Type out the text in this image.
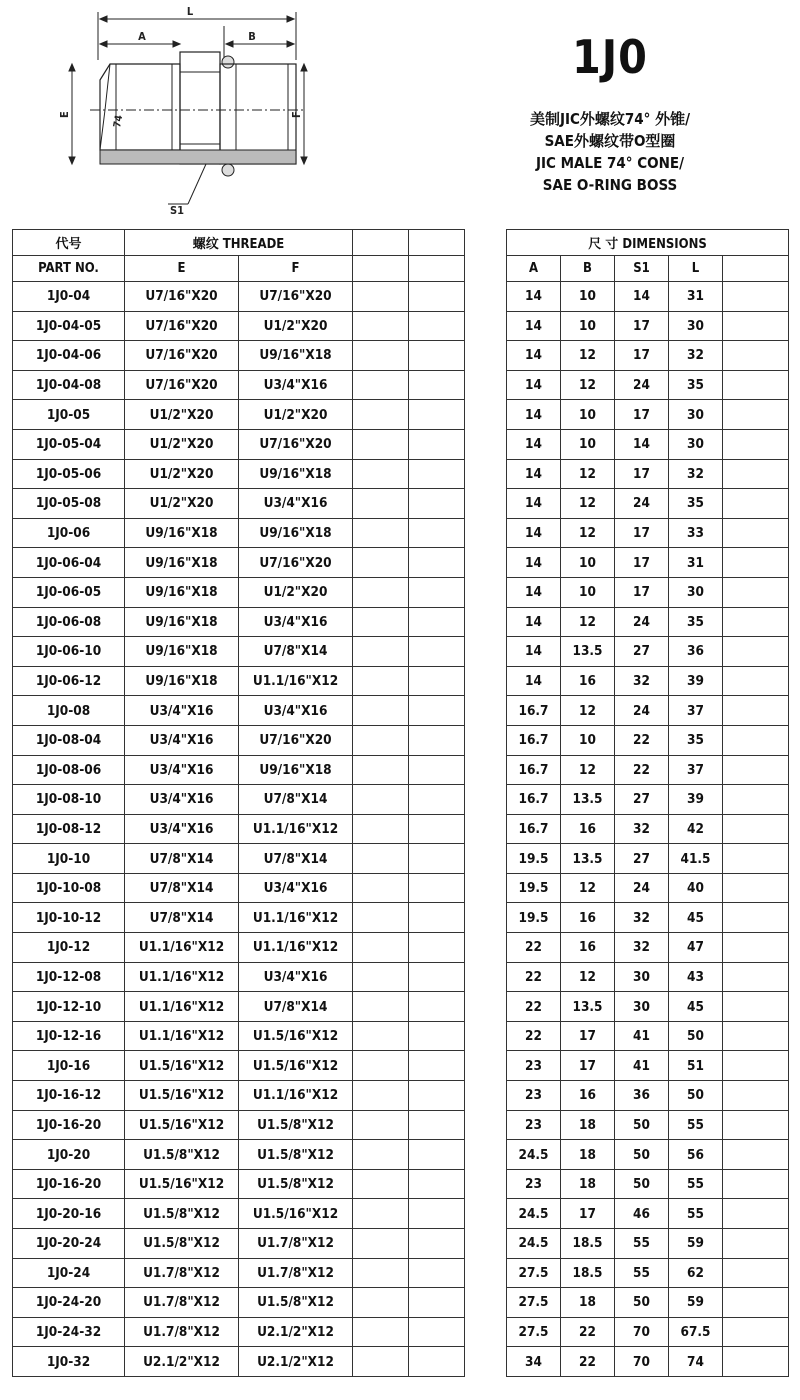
L
A	B
74
E	F
S1
1J0
美制JIC外螺纹74° 外锥/
SAE外螺纹带O型圈
JIC MALE 74° CONE/
SAE O-RING BOSS
代号	螺纹 THREADE					尺 寸 DIMENSIONS				
PART NO.	E	F				A	B	S1	L	
1J0-04	U7/16"X20	U7/16"X20				14	10	14	31	
1J0-04-05	U7/16"X20	U1/2"X20				14	10	17	30	
1J0-04-06	U7/16"X20	U9/16"X18				14	12	17	32	
1J0-04-08	U7/16"X20	U3/4"X16				14	12	24	35	
1J0-05	U1/2"X20	U1/2"X20				14	10	17	30	
1J0-05-04	U1/2"X20	U7/16"X20				14	10	14	30	
1J0-05-06	U1/2"X20	U9/16"X18				14	12	17	32	
1J0-05-08	U1/2"X20	U3/4"X16				14	12	24	35	
1J0-06	U9/16"X18	U9/16"X18				14	12	17	33	
1J0-06-04	U9/16"X18	U7/16"X20				14	10	17	31	
1J0-06-05	U9/16"X18	U1/2"X20				14	10	17	30	
1J0-06-08	U9/16"X18	U3/4"X16				14	12	24	35	
1J0-06-10	U9/16"X18	U7/8"X14				14	13.5	27	36	
1J0-06-12	U9/16"X18	U1.1/16"X12				14	16	32	39	
1J0-08	U3/4"X16	U3/4"X16				16.7	12	24	37	
1J0-08-04	U3/4"X16	U7/16"X20				16.7	10	22	35	
1J0-08-06	U3/4"X16	U9/16"X18				16.7	12	22	37	
1J0-08-10	U3/4"X16	U7/8"X14				16.7	13.5	27	39	
1J0-08-12	U3/4"X16	U1.1/16"X12				16.7	16	32	42	
1J0-10	U7/8"X14	U7/8"X14				19.5	13.5	27	41.5	
1J0-10-08	U7/8"X14	U3/4"X16				19.5	12	24	40	
1J0-10-12	U7/8"X14	U1.1/16"X12				19.5	16	32	45	
1J0-12	U1.1/16"X12	U1.1/16"X12				22	16	32	47	
1J0-12-08	U1.1/16"X12	U3/4"X16				22	12	30	43	
1J0-12-10	U1.1/16"X12	U7/8"X14				22	13.5	30	45	
1J0-12-16	U1.1/16"X12	U1.5/16"X12				22	17	41	50	
1J0-16	U1.5/16"X12	U1.5/16"X12				23	17	41	51	
1J0-16-12	U1.5/16"X12	U1.1/16"X12				23	16	36	50	
1J0-16-20	U1.5/16"X12	U1.5/8"X12				23	18	50	55	
1J0-20	U1.5/8"X12	U1.5/8"X12				24.5	18	50	56	
1J0-16-20	U1.5/16"X12	U1.5/8"X12				23	18	50	55	
1J0-20-16	U1.5/8"X12	U1.5/16"X12				24.5	17	46	55	
1J0-20-24	U1.5/8"X12	U1.7/8"X12				24.5	18.5	55	59	
1J0-24	U1.7/8"X12	U1.7/8"X12				27.5	18.5	55	62	
1J0-24-20	U1.7/8"X12	U1.5/8"X12				27.5	18	50	59	
1J0-24-32	U1.7/8"X12	U2.1/2"X12				27.5	22	70	67.5	
1J0-32	U2.1/2"X12	U2.1/2"X12				34	22	70	74	
